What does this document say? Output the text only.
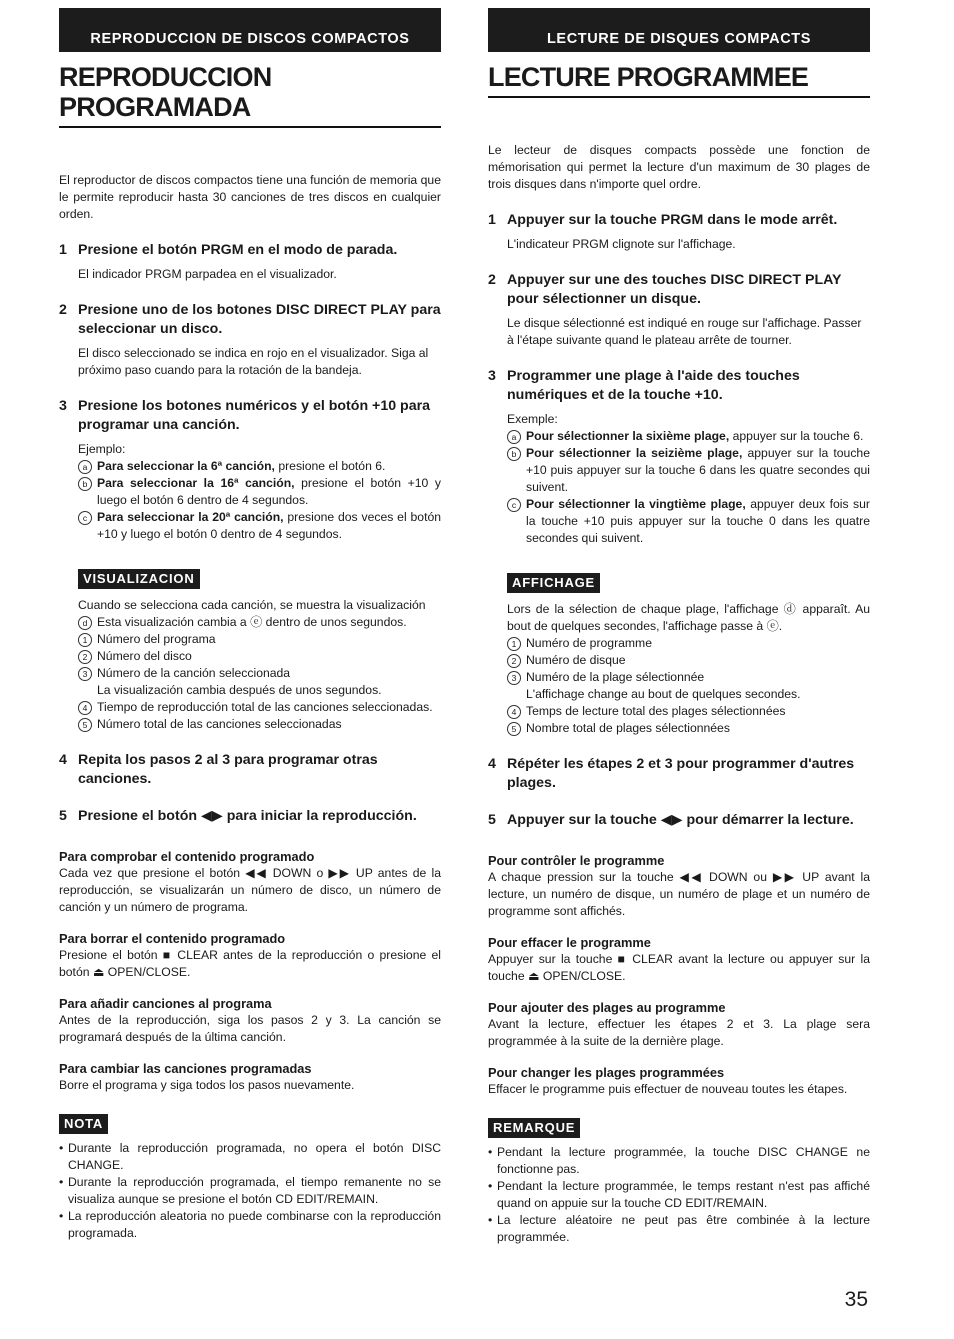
REPRODUCCION DE DISCOS COMPACTOS
REPRODUCCION PROGRAMADA
El reproductor de discos compactos tiene una función de memoria que le permite reproducir hasta 30 canciones de tres discos en cualquier orden.
1 Presione el botón PRGM en el modo de parada.
El indicador PRGM parpadea en el visualizador.
2 Presione uno de los botones DISC DIRECT PLAY para seleccionar un disco.
El disco seleccionado se indica en rojo en el visualizador. Siga al próximo paso cuando para la rotación de la bandeja.
3 Presione los botones numéricos y el botón +10 para programar una canción.
Ejemplo:
a Para seleccionar la 6ª canción, presione el botón 6.
b Para seleccionar la 16ª canción, presione el botón +10 y luego el botón 6 dentro de 4 segundos.
c Para seleccionar la 20ª canción, presione dos veces el botón +10 y luego el botón 0 dentro de 4 segundos.
VISUALIZACION
Cuando se selecciona cada canción, se muestra la visualización
d Esta visualización cambia a ⓔ dentro de unos segundos.
1 Número del programa
2 Número del disco
3 Número de la canción seleccionada
La visualización cambia después de unos segundos.
4 Tiempo de reproducción total de las canciones seleccionadas.
5 Número total de las canciones seleccionadas
4 Repita los pasos 2 al 3 para programar otras canciones.
5 Presione el botón ◀▶ para iniciar la reproducción.
Para comprobar el contenido programado
Cada vez que presione el botón ◀◀ DOWN o ▶▶ UP antes de la reproducción, se visualizarán un número de disco, un número de canción y un número de programa.
Para borrar el contenido programado
Presione el botón ■ CLEAR antes de la reproducción o presione el botón ⏏ OPEN/CLOSE.
Para añadir canciones al programa
Antes de la reproducción, siga los pasos 2 y 3. La canción se programará después de la última canción.
Para cambiar las canciones programadas
Borre el programa y siga todos los pasos nuevamente.
NOTA
• Durante la reproducción programada, no opera el botón DISC CHANGE.
• Durante la reproducción programada, el tiempo remanente no se visualiza aunque se presione el botón CD EDIT/REMAIN.
• La reproducción aleatoria no puede combinarse con la reproducción programada.
LECTURE DE DISQUES COMPACTS
LECTURE PROGRAMMEE
Le lecteur de disques compacts possède une fonction de mémorisation qui permet la lecture d'un maximum de 30 plages de trois disques dans n'importe quel ordre.
1 Appuyer sur la touche PRGM dans le mode arrêt.
L'indicateur PRGM clignote sur l'affichage.
2 Appuyer sur une des touches DISC DIRECT PLAY pour sélectionner un disque.
Le disque sélectionné est indiqué en rouge sur l'affichage. Passer à l'étape suivante quand le plateau arrête de tourner.
3 Programmer une plage à l'aide des touches numériques et de la touche +10.
Exemple:
a Pour sélectionner la sixième plage, appuyer sur la touche 6.
b Pour sélectionner la seizième plage, appuyer sur la touche +10 puis appuyer sur la touche 6 dans les quatre secondes qui suivent.
c Pour sélectionner la vingtième plage, appuyer deux fois sur la touche +10 puis appuyer sur la touche 0 dans les quatre secondes qui suivent.
AFFICHAGE
Lors de la sélection de chaque plage, l'affichage ⓓ apparaît. Au bout de quelques secondes, l'affichage passe à ⓔ.
1 Numéro de programme
2 Numéro de disque
3 Numéro de la plage sélectionnée
L'affichage change au bout de quelques secondes.
4 Temps de lecture total des plages sélectionnées
5 Nombre total de plages sélectionnées
4 Répéter les étapes 2 et 3 pour programmer d'autres plages.
5 Appuyer sur la touche ◀▶ pour démarrer la lecture.
Pour contrôler le programme
A chaque pression sur la touche ◀◀ DOWN ou ▶▶ UP avant la lecture, un numéro de disque, un numéro de plage et un numéro de programme sont affichés.
Pour effacer le programme
Appuyer sur la touche ■ CLEAR avant la lecture ou appuyer sur la touche ⏏ OPEN/CLOSE.
Pour ajouter des plages au programme
Avant la lecture, effectuer les étapes 2 et 3. La plage sera programmée à la suite de la dernière plage.
Pour changer les plages programmées
Effacer le programme puis effectuer de nouveau toutes les étapes.
REMARQUE
• Pendant la lecture programmée, la touche DISC CHANGE ne fonctionne pas.
• Pendant la lecture programmée, le temps restant n'est pas affiché quand on appuie sur la touche CD EDIT/REMAIN.
• La lecture aléatoire ne peut pas être combinée à la lecture programmée.
35
